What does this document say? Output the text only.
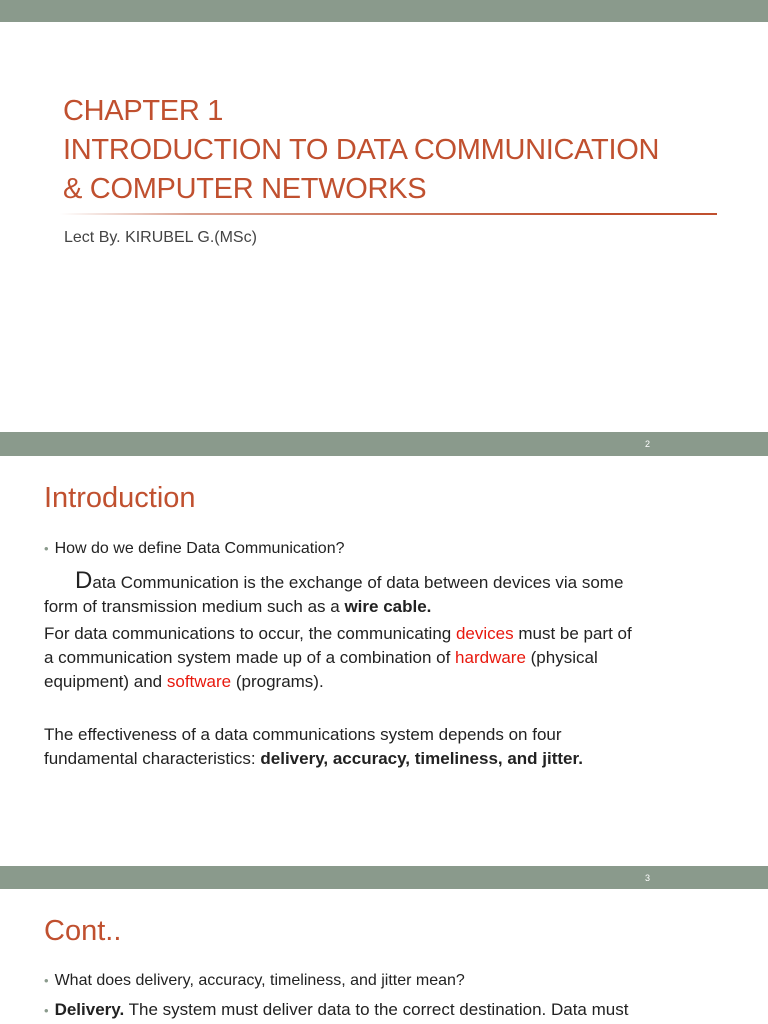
CHAPTER 1
INTRODUCTION TO DATA COMMUNICATION
& COMPUTER NETWORKS
Lect By. KIRUBEL G.(MSc)
2
Introduction
• How do we define Data Communication?
Data Communication is the exchange of data between devices via some
form of transmission medium such as a wire cable.
For data communications to occur, the communicating devices must be part of
a communication system made up of a combination of hardware (physical
equipment) and software (programs).
The effectiveness of a data communications system depends on four
fundamental characteristics: delivery, accuracy, timeliness, and jitter.
3
Cont..
• What does delivery, accuracy, timeliness, and jitter mean?
• Delivery. The system must deliver data to the correct destination. Data must
